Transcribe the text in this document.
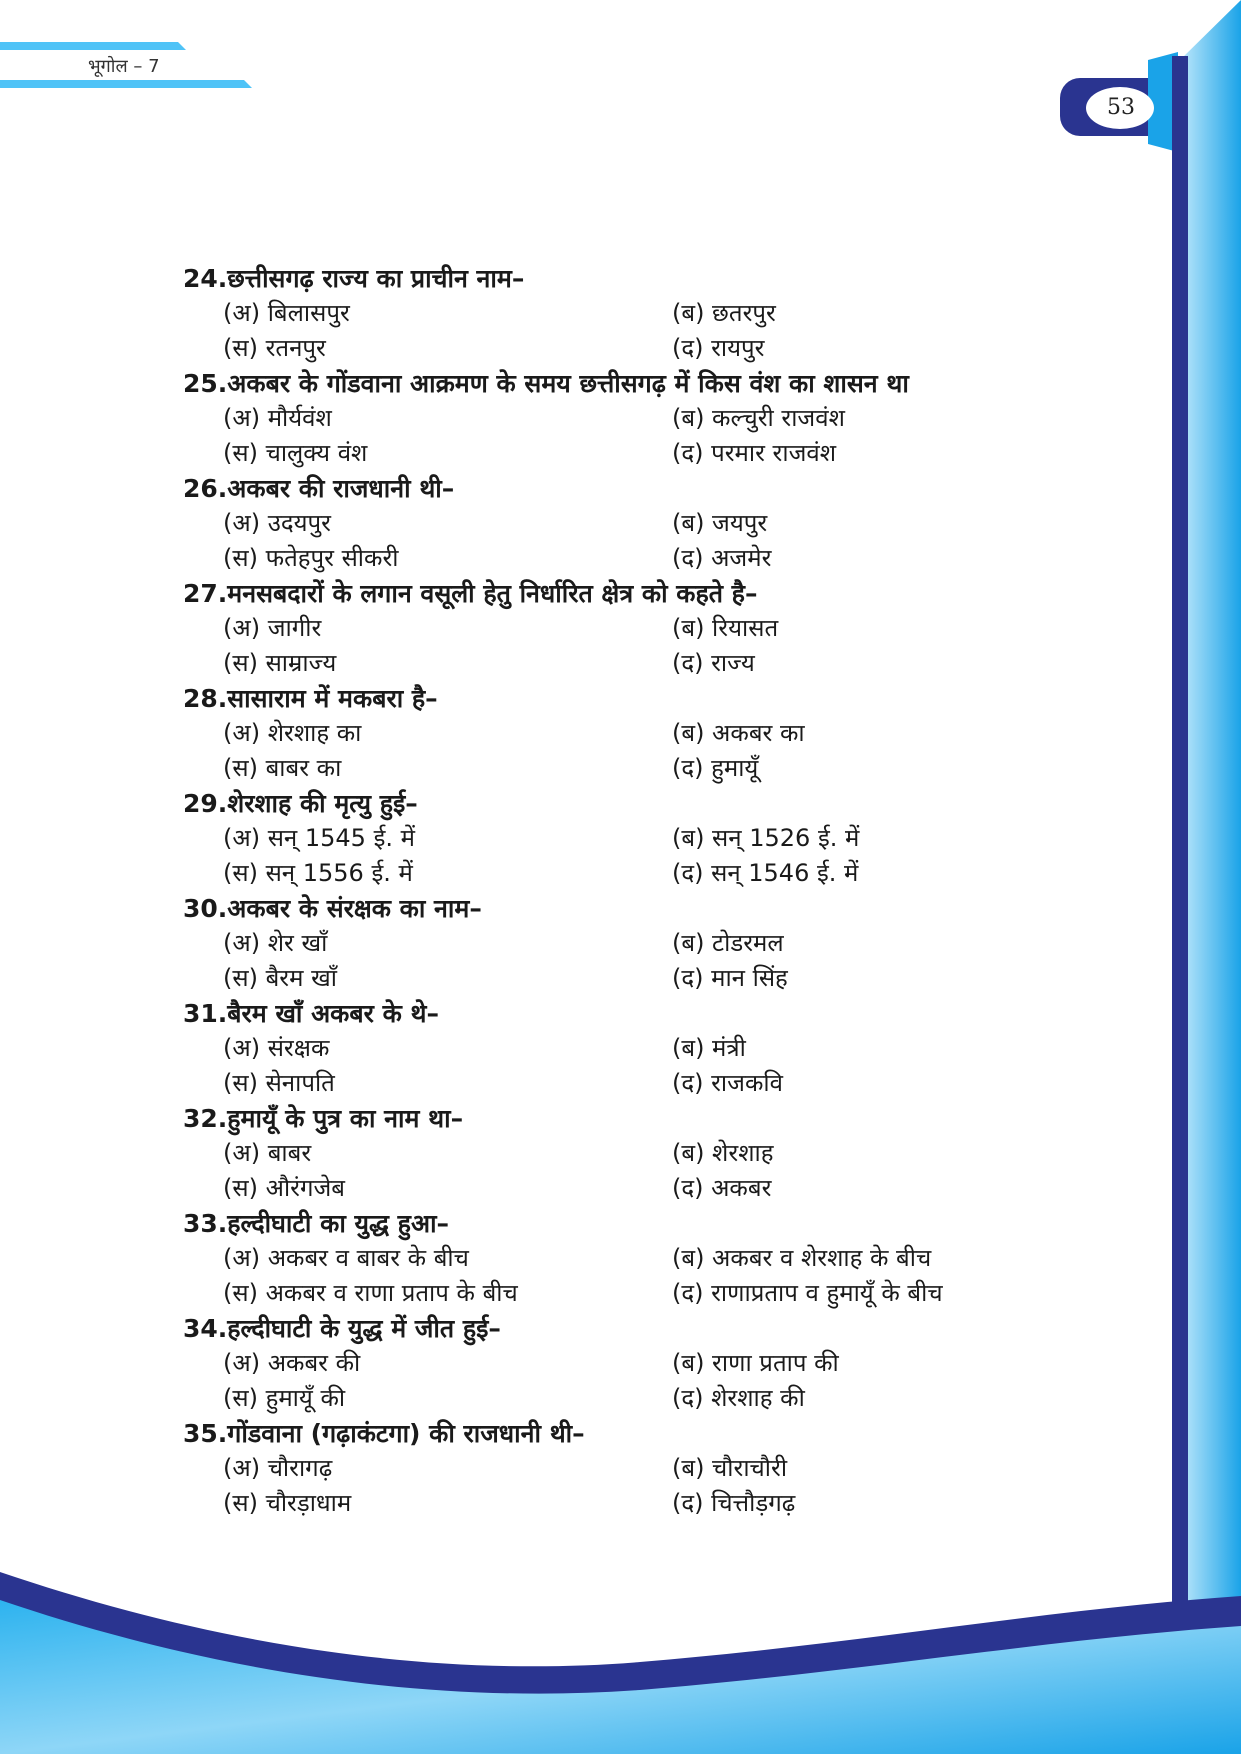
भूगोल – 7
53
24.छत्तीसगढ़ राज्य का प्राचीन नाम–
(अ) बिलासपुर	(ब) छतरपुर
(स) रतनपुर	(द) रायपुर
25.अकबर के गोंडवाना आक्रमण के समय छत्तीसगढ़ में किस वंश का शासन था
(अ) मौर्यवंश	(ब) कल्चुरी राजवंश
(स) चालुक्य वंश	(द) परमार राजवंश
26.अकबर की राजधानी थी–
(अ) उदयपुर	(ब) जयपुर
(स) फतेहपुर सीकरी	(द) अजमेर
27.मनसबदारों के लगान वसूली हेतु निर्धारित क्षेत्र को कहते है–
(अ) जागीर	(ब) रियासत
(स) साम्राज्य	(द) राज्य
28.सासाराम में मकबरा है–
(अ) शेरशाह का	(ब) अकबर का
(स) बाबर का	(द) हुमायूँ
29.शेरशाह की मृत्यु हुई–
(अ) सन् 1545 ई. में	(ब) सन् 1526 ई. में
(स) सन् 1556 ई. में	(द) सन् 1546 ई. में
30.अकबर के संरक्षक का नाम–
(अ) शेर खाँ	(ब) टोडरमल
(स) बैरम खाँ	(द) मान सिंह
31.बैरम खाँ अकबर के थे–
(अ) संरक्षक	(ब) मंत्री
(स) सेनापति	(द) राजकवि
32.हुमायूँ के पुत्र का नाम था–
(अ) बाबर	(ब) शेरशाह
(स) औरंगजेब	(द) अकबर
33.हल्दीघाटी का युद्ध हुआ–
(अ) अकबर व बाबर के बीच	(ब) अकबर व शेरशाह के बीच
(स) अकबर व राणा प्रताप के बीच	(द) राणाप्रताप व हुमायूँ के बीच
34.हल्दीघाटी के युद्ध में जीत हुई–
(अ) अकबर की	(ब) राणा प्रताप की
(स) हुमायूँ की	(द) शेरशाह की
35.गोंडवाना (गढ़ाकंटगा) की राजधानी थी–
(अ) चौरागढ़	(ब) चौराचौरी
(स) चौरड़ाधाम	(द) चित्तौड़गढ़
